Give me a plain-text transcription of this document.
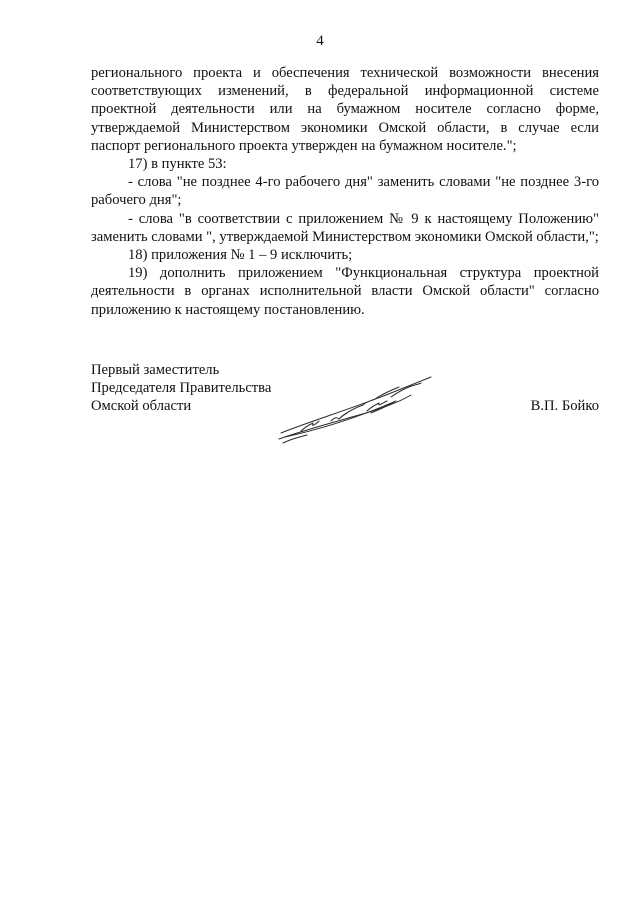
4

регионального проекта и обеспечения технической возможности внесения соответствующих изменений, в федеральной информационной системе проектной деятельности или на бумажном носителе согласно форме, утверждаемой Министерством экономики Омской области, в случае если паспорт регионального проекта утвержден на бумажном носителе.";

17) в пункте 53:

- слова "не позднее 4-го рабочего дня" заменить словами "не позднее 3-го рабочего дня";

- слова "в соответствии с приложением № 9 к настоящему Положению" заменить словами ", утверждаемой Министерством экономики Омской области,";

18) приложения № 1 – 9 исключить;

19) дополнить приложением "Функциональная структура проектной деятельности в органах исполнительной власти Омской области" согласно приложению к настоящему постановлению.

Первый заместитель
Председателя Правительства
Омской области	В.П. Бойко
